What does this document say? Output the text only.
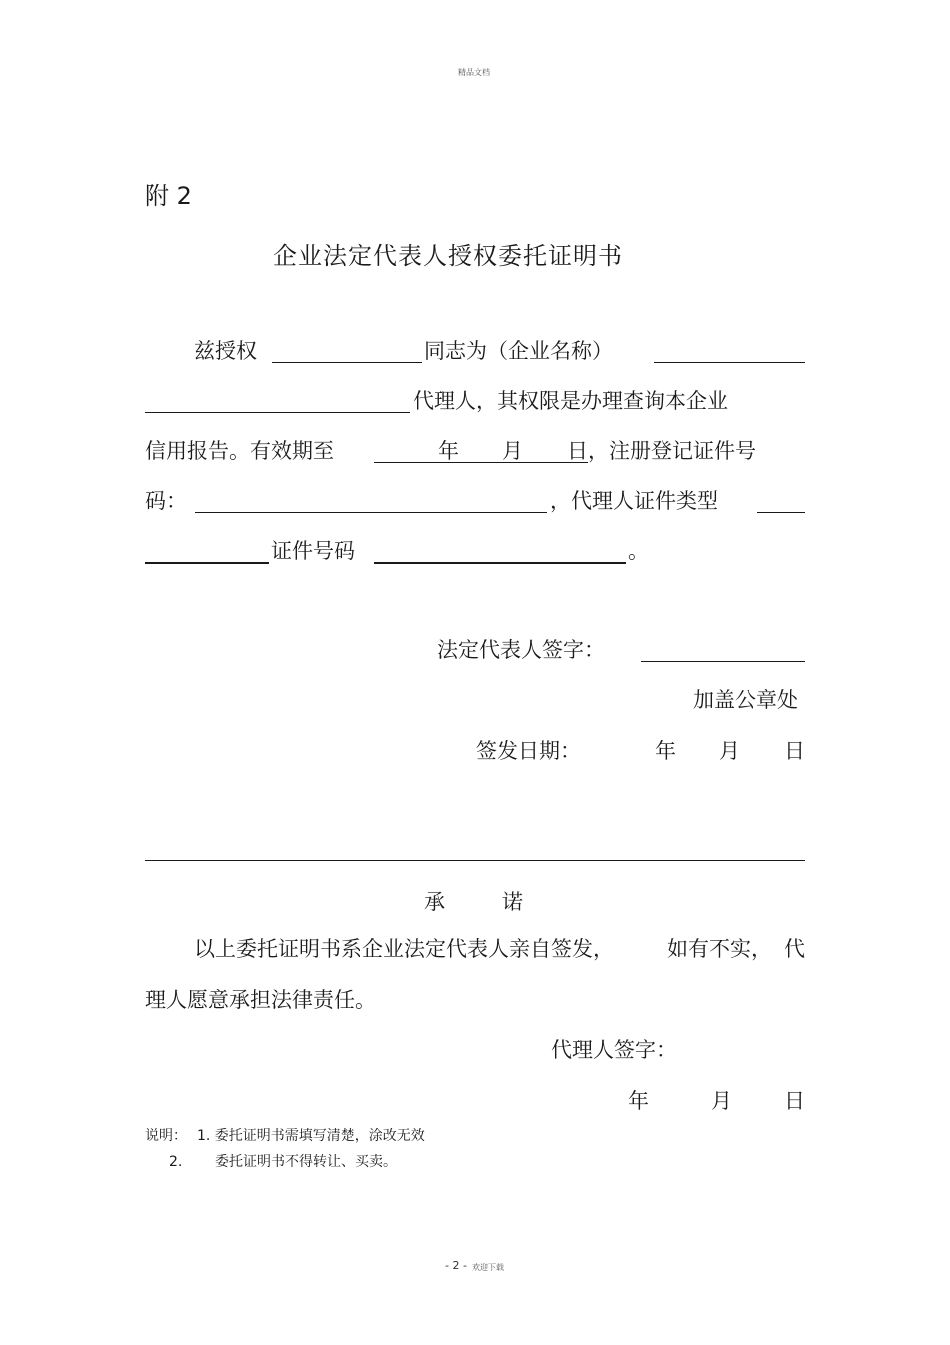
精品文档
附 2
企业法定代表人授权委托证明书
兹授权	同志为（企业名称）
代理人，其权限是办理查询本企业
信用报告。有效期至	年 月 日 ，注册登记证件号
码：	，代理人证件类型
证件号码	。
法定代表人签字：
加盖公章处
签发日期：	年 月 日
承	诺
以上委托证明书系企业法定代表人亲自签发，	如有不实， 代
理人愿意承担法律责任。
代理人签字：
年	月 日
说明： 1. 委托证明书需填写清楚，涂改无效
2. 委托证明书不得转让、买卖。
- 2 - 欢迎下载
